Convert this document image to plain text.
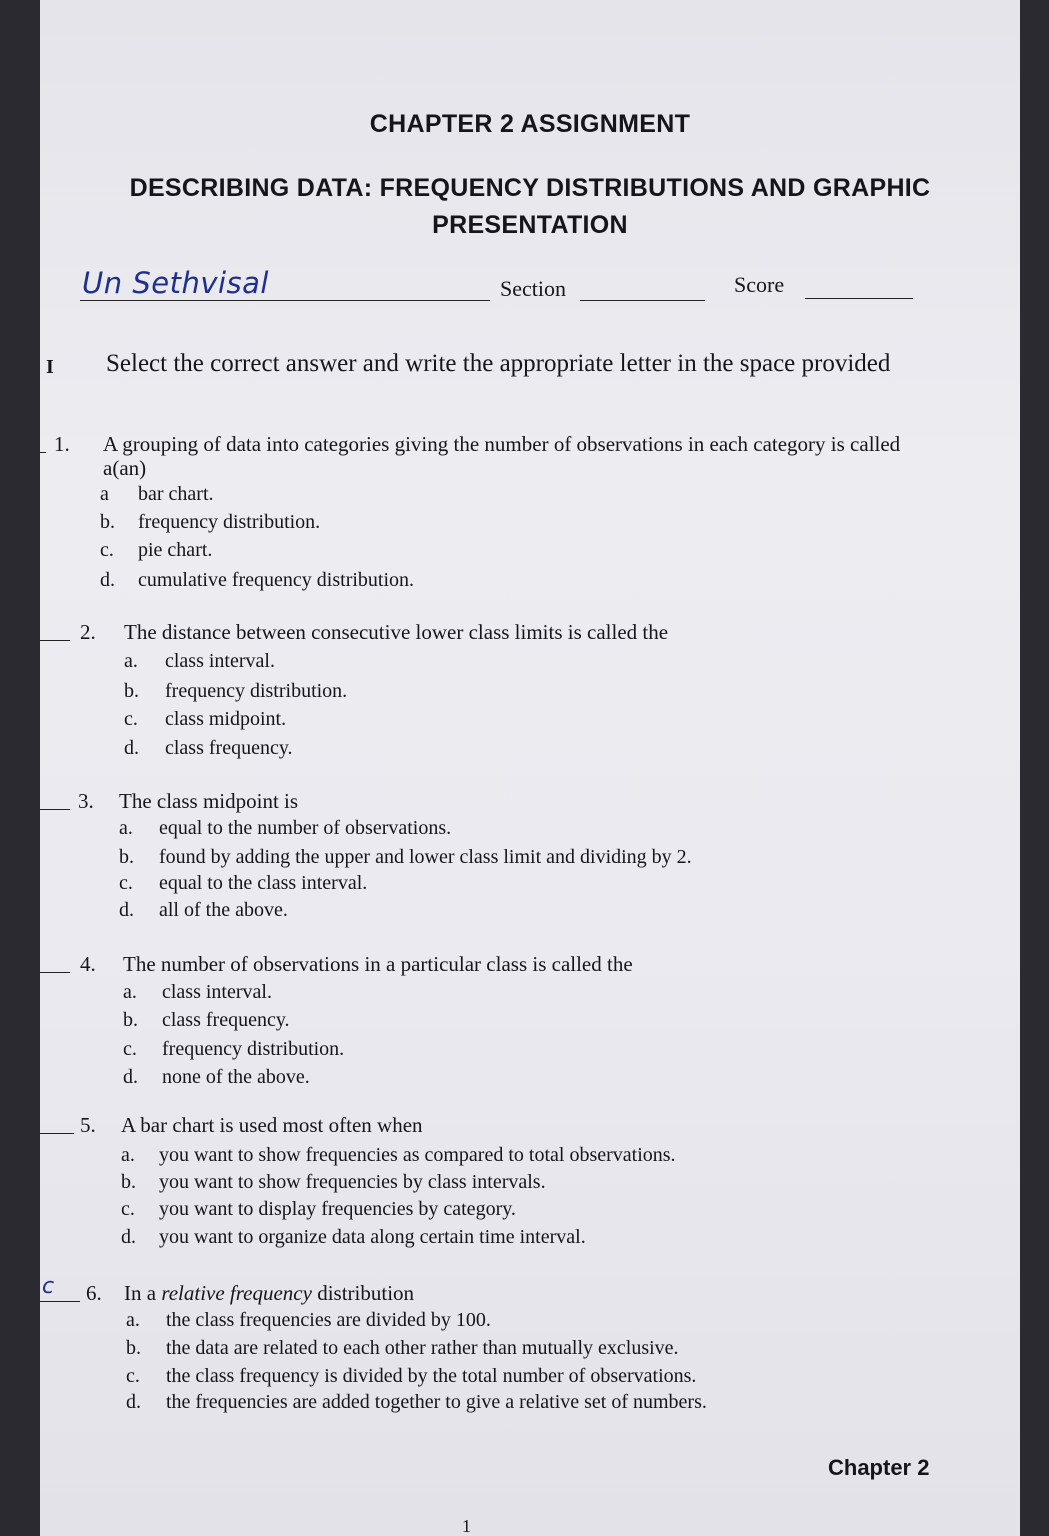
CHAPTER 2 ASSIGNMENT
DESCRIBING DATA: FREQUENCY DISTRIBUTIONS AND GRAPHIC
PRESENTATION
Un Sethvisal	Section	Score
I Select the correct answer and write the appropriate letter in the space provided
1. A grouping of data into categories giving the number of observations in each category is called
a(an)
a bar chart.
b. frequency distribution.
c. pie chart.
d. cumulative frequency distribution.
2. The distance between consecutive lower class limits is called the
a. class interval.
b. frequency distribution.
c. class midpoint.
d. class frequency.
3. The class midpoint is
a. equal to the number of observations.
b. found by adding the upper and lower class limit and dividing by 2.
c. equal to the class interval.
d. all of the above.
4. The number of observations in a particular class is called the
a. class interval.
b. class frequency.
c. frequency distribution.
d. none of the above.
5. A bar chart is used most often when
a. you want to show frequencies as compared to total observations.
b. you want to show frequencies by class intervals.
c. you want to display frequencies by category.
d. you want to organize data along certain time interval.
c 6. In a relative frequency distribution
a. the class frequencies are divided by 100.
b. the data are related to each other rather than mutually exclusive.
c. the class frequency is divided by the total number of observations.
d. the frequencies are added together to give a relative set of numbers.
Chapter 2
1
